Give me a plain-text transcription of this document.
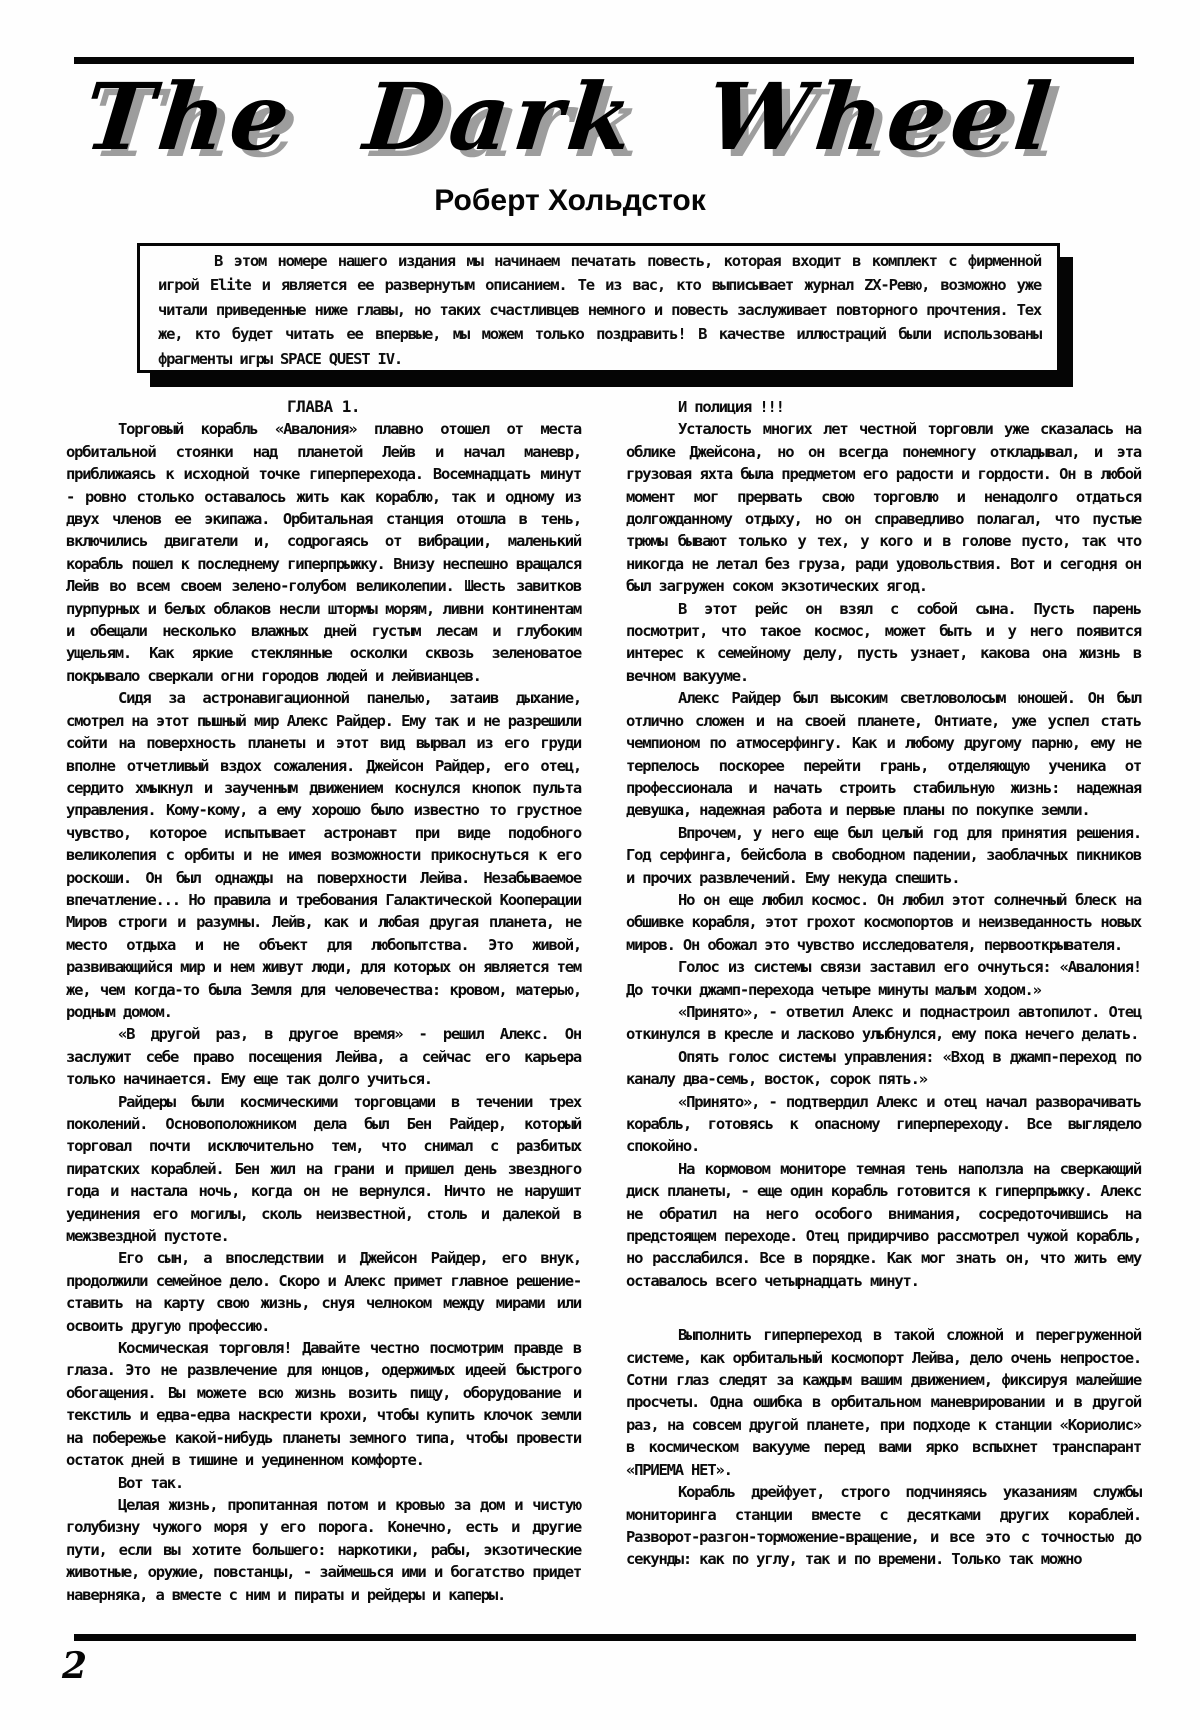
The Dark Wheel
Роберт Хольдсток

В этом номере нашего издания мы начинаем печатать повесть, которая входит в комплект с фирменной игрой Elite и является ее развернутым описанием. Те из вас, кто выписывает журнал ZX-Ревю, возможно уже читали приведенные ниже главы, но таких счастливцев немного и повесть заслуживает повторного прочтения. Тех же, кто будет читать ее впервые, мы можем только поздравить! В качестве иллюстраций были использованы фрагменты игры SPACE QUEST IV.

ГЛАВА 1.

Торговый корабль «Авалония» плавно отошел от места орбитальной стоянки над планетой Лейв и начал маневр, приближаясь к исходной точке гиперперехода. Восемнадцать минут - ровно столько оставалось жить как кораблю, так и одному из двух членов ее экипажа. Орбитальная станция отошла в тень, включились двигатели и, содрогаясь от вибрации, маленький корабль пошел к последнему гиперпрыжку. Внизу неспешно вращался Лейв во всем своем зелено-голубом великолепии. Шесть завитков пурпурных и белых облаков несли штормы морям, ливни континентам и обещали несколько влажных дней густым лесам и глубоким ущельям. Как яркие стеклянные осколки сквозь зеленоватое покрывало сверкали огни городов людей и лейвианцев.

Сидя за астронавигационной панелью, затаив дыхание, смотрел на этот пышный мир Алекс Райдер. Ему так и не разрешили сойти на поверхность планеты и этот вид вырвал из его груди вполне отчетливый вздох сожаления. Джейсон Райдер, его отец, сердито хмыкнул и заученным движением коснулся кнопок пульта управления. Кому-кому, а ему хорошо было известно то грустное чувство, которое испытывает астронавт при виде подобного великолепия с орбиты и не имея возможности прикоснуться к его роскоши. Он был однажды на поверхности Лейва. Незабываемое впечатление... Но правила и требования Галактической Кооперации Миров строги и разумны. Лейв, как и любая другая планета, не место отдыха и не объект для любопытства. Это живой, развивающийся мир и нем живут люди, для которых он является тем же, чем когда-то была Земля для человечества: кровом, матерью, родным домом.

«В другой раз, в другое время» - решил Алекс. Он заслужит себе право посещения Лейва, а сейчас его карьера только начинается. Ему еще так долго учиться.

Райдеры были космическими торговцами в течении трех поколений. Основоположником дела был Бен Райдер, который торговал почти исключительно тем, что снимал с разбитых пиратских кораблей. Бен жил на грани и пришел день звездного года и настала ночь, когда он не вернулся. Ничто не нарушит уединения его могилы, сколь неизвестной, столь и далекой в межзвездной пустоте.

Его сын, а впоследствии и Джейсон Райдер, его внук, продолжили семейное дело. Скоро и Алекс примет главное решение-ставить на карту свою жизнь, снуя челноком между мирами или освоить другую профессию.

Космическая торговля! Давайте честно посмотрим правде в глаза. Это не развлечение для юнцов, одержимых идеей быстрого обогащения. Вы можете всю жизнь возить пищу, оборудование и текстиль и едва-едва наскрести крохи, чтобы купить клочок земли на побережье какой-нибудь планеты земного типа, чтобы провести остаток дней в тишине и уединенном комфорте.

Вот так.

Целая жизнь, пропитанная потом и кровью за дом и чистую голубизну чужого моря у его порога. Конечно, есть и другие пути, если вы хотите большего: наркотики, рабы, экзотические животные, оружие, повстанцы, - займешься ими и богатство придет наверняка, а вместе с ним и пираты и рейдеры и каперы.

И полиция !!!

Усталость многих лет честной торговли уже сказалась на облике Джейсона, но он всегда понемногу откладывал, и эта грузовая яхта была предметом его радости и гордости. Он в любой момент мог прервать свою торговлю и ненадолго отдаться долгожданному отдыху, но он справедливо полагал, что пустые трюмы бывают только у тех, у кого и в голове пусто, так что никогда не летал без груза, ради удовольствия. Вот и сегодня он был загружен соком экзотических ягод.

В этот рейс он взял с собой сына. Пусть парень посмотрит, что такое космос, может быть и у него появится интерес к семейному делу, пусть узнает, какова она жизнь в вечном вакууме.

Алекс Райдер был высоким светловолосым юношей. Он был отлично сложен и на своей планете, Онтиате, уже успел стать чемпионом по атмосерфингу. Как и любому другому парню, ему не терпелось поскорее перейти грань, отделяющую ученика от профессионала и начать строить стабильную жизнь: надежная девушка, надежная работа и первые планы по покупке земли.

Впрочем, у него еще был целый год для принятия решения. Год серфинга, бейсбола в свободном падении, заоблачных пикников и прочих развлечений. Ему некуда спешить.

Но он еще любил космос. Он любил этот солнечный блеск на обшивке корабля, этот грохот космопортов и неизведанность новых миров. Он обожал это чувство исследователя, первооткрывателя.

Голос из системы связи заставил его очнуться: «Авалония! До точки джамп-перехода четыре минуты малым ходом.»

«Принято», - ответил Алекс и поднастроил автопилот. Отец откинулся в кресле и ласково улыбнулся, ему пока нечего делать.

Опять голос системы управления: «Вход в джамп-переход по каналу два-семь, восток, сорок пять.»

«Принято», - подтвердил Алекс и отец начал разворачивать корабль, готовясь к опасному гиперпереходу. Все выглядело спокойно.

На кормовом мониторе темная тень наползла на сверкающий диск планеты, - еще один корабль готовится к гиперпрыжку. Алекс не обратил на него особого внимания, сосредоточившись на предстоящем переходе. Отец придирчиво рассмотрел чужой корабль, но расслабился. Все в порядке. Как мог знать он, что жить ему оставалось всего четырнадцать минут.

Выполнить гиперпереход в такой сложной и перегруженной системе, как орбитальный космопорт Лейва, дело очень непростое. Сотни глаз следят за каждым вашим движением, фиксируя малейшие просчеты. Одна ошибка в орбитальном маневрировании и в другой раз, на совсем другой планете, при подходе к станции «Кориолис» в космическом вакууме перед вами ярко вспыхнет транспарант «ПРИЕМА НЕТ».

Корабль дрейфует, строго подчиняясь указаниям службы мониторинга станции вместе с десятками других кораблей. Разворот-разгон-торможение-вращение, и все это с точностью до секунды: как по углу, так и по времени. Только так можно

2
